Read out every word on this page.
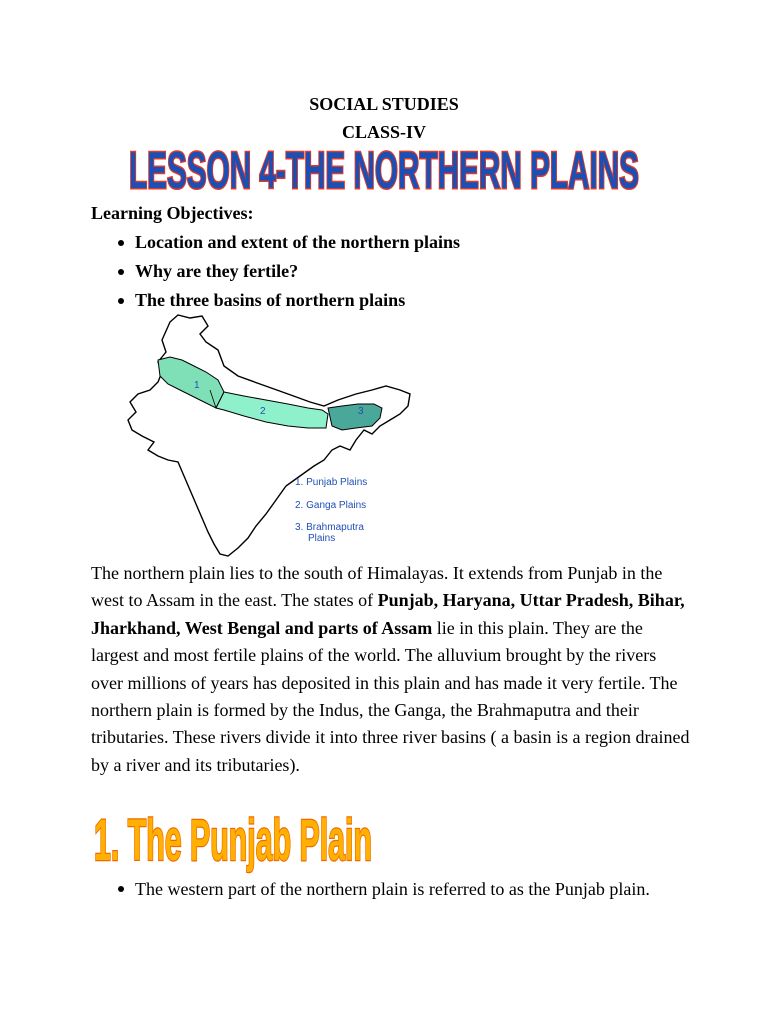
SOCIAL STUDIES
CLASS-IV
LESSON 4-THE NORTHERN PLAINS
Learning Objectives:
Location and extent of the northern plains
Why are they fertile?
The three basins of northern plains
1
2	3
1. Punjab Plains
2. Ganga Plains
3. Brahmaputra
Plains

The northern plain lies to the south of Himalayas. It extends from Punjab in the west to Assam in the east. The states of Punjab, Haryana, Uttar Pradesh, Bihar, Jharkhand, West Bengal and parts of Assam lie in this plain. They are the largest and most fertile plains of the world. The alluvium brought by the rivers over millions of years has deposited in this plain and has made it very fertile. The northern plain is formed by the Indus, the Ganga, the Brahmaputra and their tributaries. These rivers divide it into three river basins ( a basin is a region drained by a river and its tributaries).

1. The Punjab Plain
The western part of the northern plain is referred to as the Punjab plain.
